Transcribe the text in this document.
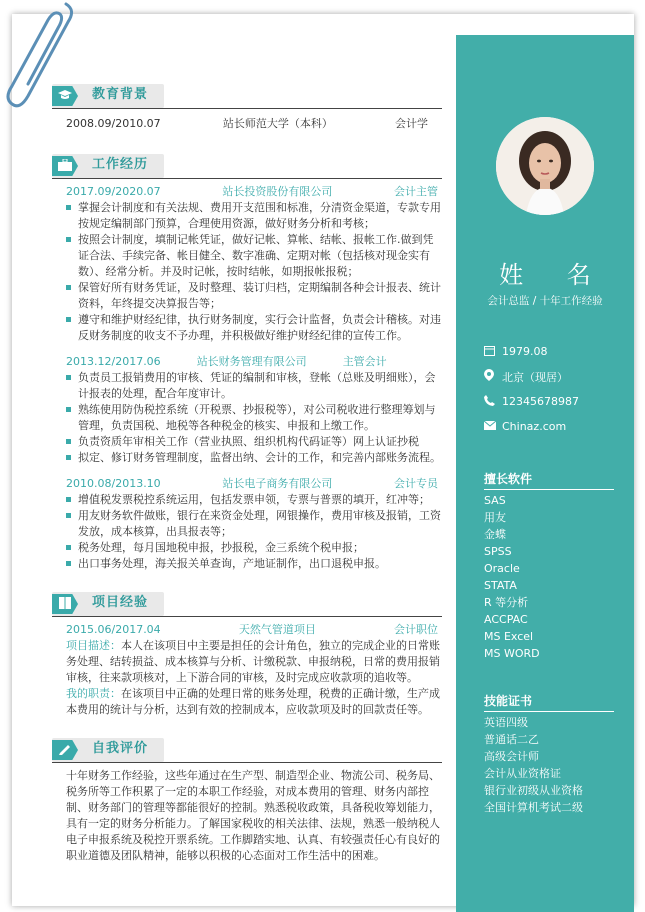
姓 名
会计总监 / 十年工作经验
1979.08
北京（现居）
12345678987
Chinaz.com
擅长软件
SAS
用友
金蝶
SPSS
Oracle
STATA
R 等分析
ACCPAC
MS Excel
MS WORD
技能证书
英语四级
普通话二乙
高级会计师
会计从业资格证
银行业初级从业资格
全国计算机考试二级
教育背景
2008.09/2010.07	站长师范大学（本科）	会计学
工作经历
2017.09/2020.07	站长投资股份有限公司	会计主管
掌握会计制度和有关法规、费用开支范围和标准，分清资金渠道，专款专用按规定编制部门预算，合理使用资源，做好财务分析和考核；
按照会计制度，填制记帐凭证，做好记帐、算帐、结帐、报帐工作.做到凭证合法、手续完备、帐目健全、数字准确、定期对帐（包括核对现金实有数）、经常分析。并及时记帐，按时结帐，如期报帐报税；
保管好所有财务凭证，及时整理、装订归档，定期编制各种会计报表、统计资料，年终提交决算报告等；
遵守和维护财经纪律，执行财务制度，实行会计监督，负责会计稽核。对违反财务制度的收支不予办理，并积极做好维护财经纪律的宣传工作。
2013.12/2017.06	站长财务管理有限公司	主管会计
负责员工报销费用的审核、凭证的编制和审核，登帐（总账及明细账），会计报表的处理，配合年度审计。
熟练使用防伪税控系统（开税票、抄报税等），对公司税收进行整理筹划与管理，负责国税、地税等各种税金的核实、申报和上缴工作。
负责资质年审相关工作（营业执照、组织机构代码证等）网上认证抄税
拟定、修订财务管理制度，监督出纳、会计的工作，和完善内部账务流程。
2010.08/2013.10	站长电子商务有限公司	会计专员
增值税发票税控系统运用，包括发票申领，专票与普票的填开，红冲等；
用友财务软件做账，银行在来资金处理，网银操作，费用审核及报销，工资发放，成本核算，出具报表等；
税务处理，每月国地税申报，抄报税，金三系统个税申报；
出口事务处理，海关报关单查询，产地证制作，出口退税申报。
项目经验
2015.06/2017.04	天然气管道项目	会计职位

项目描述：本人在该项目中主要是担任的会计角色，独立的完成企业的日常账务处理、结转损益、成本核算与分析、计缴税款、申报纳税，日常的费用报销审核，往来款项核对，上下游合同的审核，及时完成应收款项的追收等。

我的职责：在该项目中正确的处理日常的账务处理，税费的正确计缴，生产成本费用的统计与分析，达到有效的控制成本，应收款项及时的回款责任等。

自我评价
十年财务工作经验，这些年通过在生产型、制造型企业、物流公司、税务局、税务所等工作积累了一定的本职工作经验，对成本费用的管理、财务内部控制、财务部门的管理等都能很好的控制。熟悉税收政策，具备税收筹划能力，具有一定的财务分析能力。了解国家税收的相关法律、法规，熟悉一般纳税人电子申报系统及税控开票系统。工作脚踏实地、认真、有较强责任心有良好的职业道德及团队精神，能够以积极的心态面对工作生活中的困难。
